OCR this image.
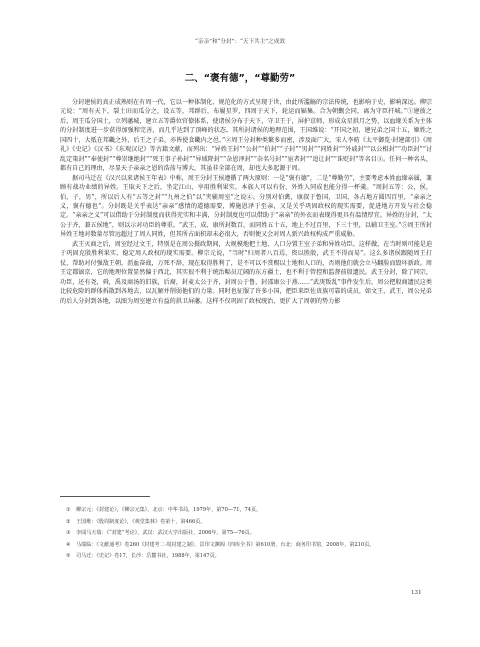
“亲亲”和“分封”：“天下共主”之成效
二、“褒有德”，“尊勤劳”

分封建侯的真正成熟则在有周一代，它以一种体制化、规范化的方式呈现于世，由此所滥觞的宗法传统，也影响于史，影响深远。柳宗元说：“周有天下，裂土田而瓜分之，设五等，邦群后，布履星罗，四周于天下，轮运而辐集。合为朝觐会同，离为守臣扞城。”①建彼之后，周王瓜分国土，立列藩城，建立五等爵位官僚体系，使诸侯分布于天下，守卫王于，屏护京师，形成众星拱月之势，以血缘关系为主体的分封制度进一步获得加强和完善，而几乎达到了顶峰的状态。其所封诸侯的地理范围，王国维说：“开国之初，建兄弟之国十五，姬姓之国四十，大抵在邦畿之外，后王之子弟，亦皆使食畿内之邑。”②周王分封种类繁多而密，涉及面广大，宋人李昉《太平御览·封建部引》《周礼》《史记》《汉书》《东观汉记》等古籍文献，而列出：“异姓王封”“公封”“伯封”“子封”“男封”“同姓封”“外戚封”“以公相封”“功臣封”“讨乱定策封”“奉使封”“尊崇继绝封”“死王事子孙封”“异域降封”“杂恩泽封”“杂名号封”“宦者封”“追让封”“诛贬封”等名目③。任何一种名头，都有自己的理由，尽显天子亲亲之恩的浩荡与博大，其虽非全部在周，却也大多起源于周。

据司马迁在《汉兴以来诸侯王年表》中称，周王分封王侯遵循了两大原则：一是“褒有德”，二是“尊勤劳”，主要考虑本姓血缘亲属，兼顾有战功业绩的异姓。王取天下之后，坐定江山，享用胜利果实，本族人可以有份，外姓人同成也能分得一杯羹。“周封五等：公，侯，伯，子，男”，所以后人有“五等之封”“九州之伯”以“夹辅周室”之说④。分别对伯禽，康叔于鲁国，卫国，各占地方圆四百里，“亲亲之义，褒有德也”。分封既是关乎表达“亲亲”感情的道德需要，博施恩泽于至亲，又是关乎巩固政权的现实需要，促进地方开发与社会稳定。“亲亲之义”可以借助于分封制度而获得充实和丰满，分封制度也可以借助于“亲亲”的外衣而表现得更具有温情厚宜。异姓的分封，“太公于齐，兼五侯地”，则以示对功臣的尊重。“武王、成、康所封数百，而同姓五十五，地上不过百里，下三十里，以辅卫王室。”⑤周王所封异姓王地对数量尽管远超过了周人同姓，但其所占面积却未必很大，否则便又会对周人新兴政权构成严重威胁。

武王灭商之后，周室经过文王，特别是在周公摄政期间，大规模地把土地、人口分置王室子弟和异姓功臣。这样做，在当时则可能是迫于巩固克殷胜利果实、稳定周人政权的现实需要。柳宗元说，“当时”归周者八百焉，资以胜殷，武王不得而易”。这么多诸侯跟随周王打仗，帮助对付强敌王朝，沥血奋战，万死不辞，现在取得胜利了，是不可以不赏赐以土地和人口的，否则他们就会立马翻脸而毁坏新政。周王定都镐京，它的地理位置显然偏于西北，其实很不利于统治幅员辽阔的东方疆土，也不利于管控和监督前殷遗民。武王分封，除了同宗，功臣，还有尧，舜，禹及商汤的旧族，后裔，封麦太公于齐，封周公于鲁，封邵康公于燕……“武庚叛乱”事件发生后，周公把殷商遗民这类比较危险的群体拆散到各地去，以瓦解并削弱他们的力量。同时也征服了许多小国，把臣来臣佐贵族可靠的成员，如文王，武王，周公兄弟的后人分封到各地，以图为周室建立有益的拱卫屏藩。这样不仅巩固了政权统治，更扩大了周朝的势力影

① 柳宗元：《封建论》，《柳宗元集》，北京：中华书局，1979年，第70—71，74页。

② 王国维：《殷周制度论》，《观堂集林》卷第十，第466页。

③ 李闻马天瑞：《“封建”考论》，武汉：武汉大学出版社，2006年，第75—76页。

④ 马端临：《文献通考》卷260《封建考二·周封建之制》，景印文渊阁《四库全书》第610册，台北：商务印书馆，2008年，第210页。

⑤ 司马迁：《史记》卷17，长沙：岳麓书社，1988年，第147页。

131
